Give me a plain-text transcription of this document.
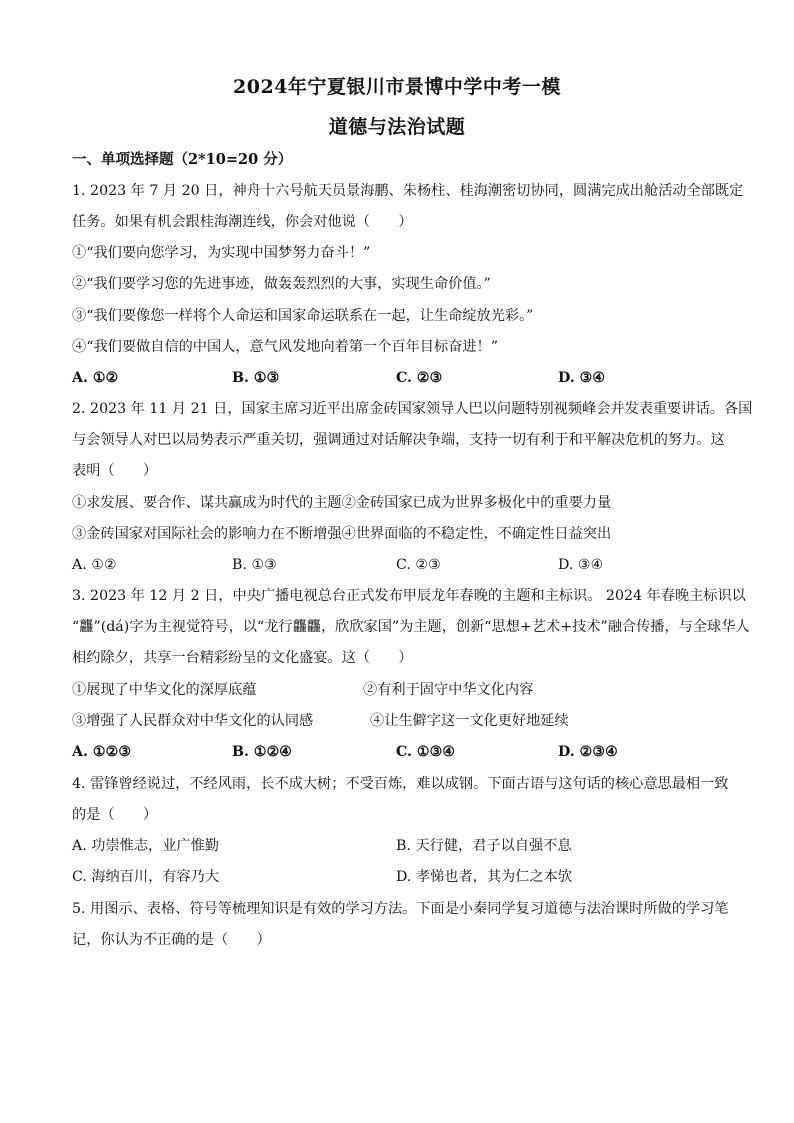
2024年宁夏银川市景博中学中考一模
道德与法治试题
一、单项选择题（2*10=20 分）
1. 2023 年 7 月 20 日，神舟十六号航天员景海鹏、朱杨柱、桂海潮密切协同，圆满完成出舱活动全部既定
任务。如果有机会跟桂海潮连线，你会对他说（　　）
①“我们要向您学习，为实现中国梦努力奋斗！”
②“我们要学习您的先进事迹，做轰轰烈烈的大事，实现生命价值。”
③“我们要像您一样将个人命运和国家命运联系在一起，让生命绽放光彩。”
④“我们要做自信的中国人，意气风发地向着第一个百年目标奋进！”
A. ①②	B. ①③	C. ②③	D. ③④
2. 2023 年 11 月 21 日，国家主席习近平出席金砖国家领导人巴以问题特别视频峰会并发表重要讲话。各国
与会领导人对巴以局势表示严重关切，强调通过对话解决争端，支持一切有利于和平解决危机的努力。这
表明（　　）
①求发展、要合作、谋共赢成为时代的主题②金砖国家已成为世界多极化中的重要力量
③金砖国家对国际社会的影响力在不断增强④世界面临的不稳定性，不确定性日益突出
A. ①②	B. ①③	C. ②③	D. ③④
3. 2023 年 12 月 2 日，中央广播电视总台正式发布甲辰龙年春晚的主题和主标识。 2024 年春晚主标识以
“龘”(dá)字为主视觉符号，以“龙行龘龘，欣欣家国”为主题，创新“思想+艺术+技术”融合传播，与全球华人
相约除夕，共享一台精彩纷呈的文化盛宴。这（　　）
①展现了中华文化的深厚底蕴	②有利于固守中华文化内容
③增强了人民群众对中华文化的认同感	④让生僻字这一文化更好地延续
A. ①②③	B. ①②④	C. ①③④	D. ②③④
4. 雷锋曾经说过，不经风雨，长不成大树；不受百炼，难以成钢。下面古语与这句话的核心意思最相一致
的是（　　）
A. 功崇惟志，业广惟勤	B. 天行健，君子以自强不息
C. 海纳百川，有容乃大	D. 孝悌也者，其为仁之本欤
5. 用图示、表格、符号等梳理知识是有效的学习方法。下面是小秦同学复习道德与法治课时所做的学习笔
记，你认为不正确的是（　　）
